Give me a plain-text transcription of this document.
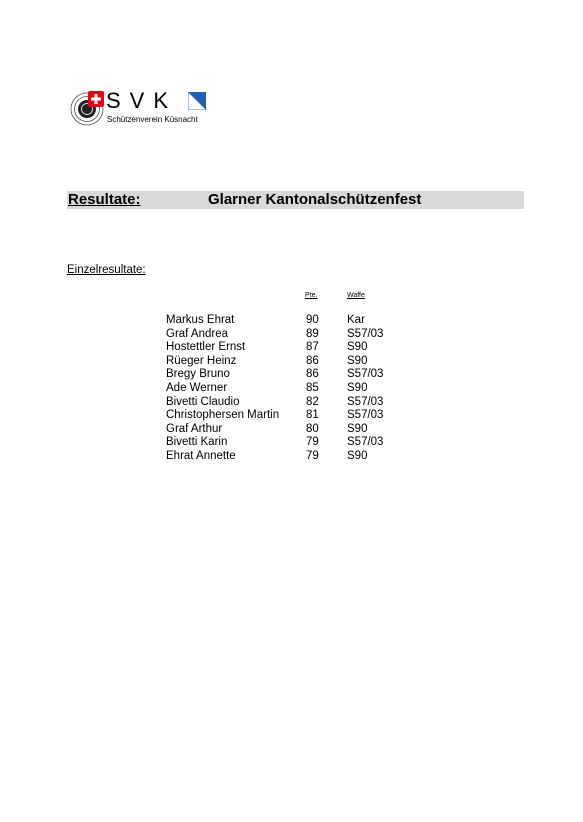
SVK
Schützenverein Küsnacht
Resultate:	Glarner Kantonalschützenfest
Einzelresultate:
Pte.	Waffe
Markus Ehrat	90 Kar
Graf Andrea	89 S57/03
Hostettler Ernst	87 S90
Rüeger Heinz	86 S90
Bregy Bruno	86 S57/03
Ade Werner	85 S90
Bivetti Claudio	82 S57/03
Christophersen Martin 81 S57/03
Graf Arthur	80 S90
Bivetti Karin	79 S57/03
Ehrat Annette	79 S90
